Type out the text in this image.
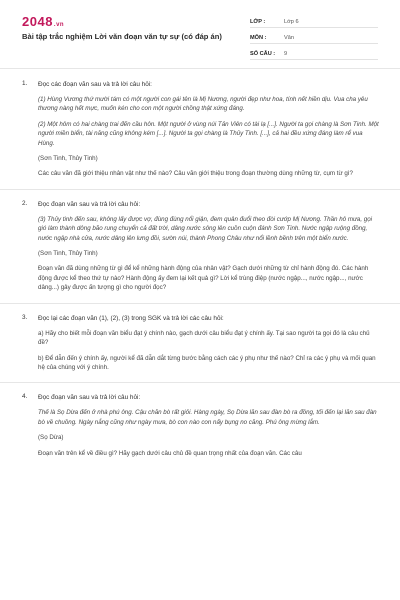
2048.vn
Bài tập trắc nghiệm Lời văn đoạn văn tự sự (có đáp án)
LỚP :	Lớp 6
MÔN :	Văn
SỐ CÂU :	9
1. Đọc các đoạn văn sau và trả lời câu hỏi:
(1) Hùng Vương thứ mười tám có một người con gái tên là Mị Nương, người đẹp như hoa, tính nết hiền dịu. Vua cha yêu thương nàng hết mực, muốn kén cho con một người chồng thật xứng đáng.
(2) Một hôm có hai chàng trai đến cầu hôn. Một người ở vùng núi Tản Viên có tài lạ [...]. Người ta gọi chàng là Sơn Tinh. Một người miền biển, tài năng cũng không kém [...]. Người ta gọi chàng là Thủy Tinh. [...], cả hai đều xứng đáng làm rể vua Hùng.
(Sơn Tinh, Thủy Tinh)
Các câu văn đã giới thiệu nhân vật như thế nào? Câu văn giới thiệu trong đoạn thường dùng những từ, cụm từ gì?
2. Đọc đoạn văn sau và trả lời câu hỏi:
(3) Thủy tinh đến sau, không lấy được vợ, đùng đùng nổi giận, đem quân đuổi theo đòi cướp Mị Nương. Thần hô mưa, gọi gió làm thành dông bão rung chuyển cả đất trời, dâng nước sông lên cuồn cuộn đánh Sơn Tinh. Nước ngập ruộng đồng, nước ngập nhà cửa, nước dâng lên lưng đồi, sườn núi, thành Phong Châu như nổi lềnh bềnh trên một biển nước.
(Sơn Tinh, Thủy Tinh)
Đoạn văn đã dùng những từ gì để kể những hành động của nhân vật? Gạch dưới những từ chỉ hành động đó. Các hành động được kể theo thứ tự nào? Hành động ấy đem lại kết quả gì? Lời kể trùng điệp (nước ngập..., nước ngập..., nước dâng...) gây được ấn tượng gì cho người đọc?
3. Đọc lại các đoạn văn (1), (2), (3) trong SGK và trả lời các câu hỏi:
a) Hãy cho biết mỗi đoạn văn biểu đạt ý chính nào, gạch dưới câu biểu đạt ý chính ấy. Tại sao người ta gọi đó là câu chủ đề?
b) Để dẫn đến ý chính ấy, người kể đã dẫn dắt từng bước bằng cách các ý phụ như thế nào? Chỉ ra các ý phụ và mối quan hệ của chúng với ý chính.
4. Đọc đoạn văn sau và trả lời câu hỏi:
Thế là Sọ Dừa đến ở nhà phú ông. Cậu chăn bò rất giỏi. Hàng ngày, Sọ Dừa lăn sau đàn bò ra đồng, tối đến lại lăn sau đàn bò về chuồng. Ngày nắng cũng như ngày mưa, bò con nào con nấy bụng no căng. Phú ông mừng lắm.
(Sọ Dừa)
Đoạn văn trên kể về điều gì? Hãy gạch dưới câu chủ đề quan trọng nhất của đoạn văn. Các câu
